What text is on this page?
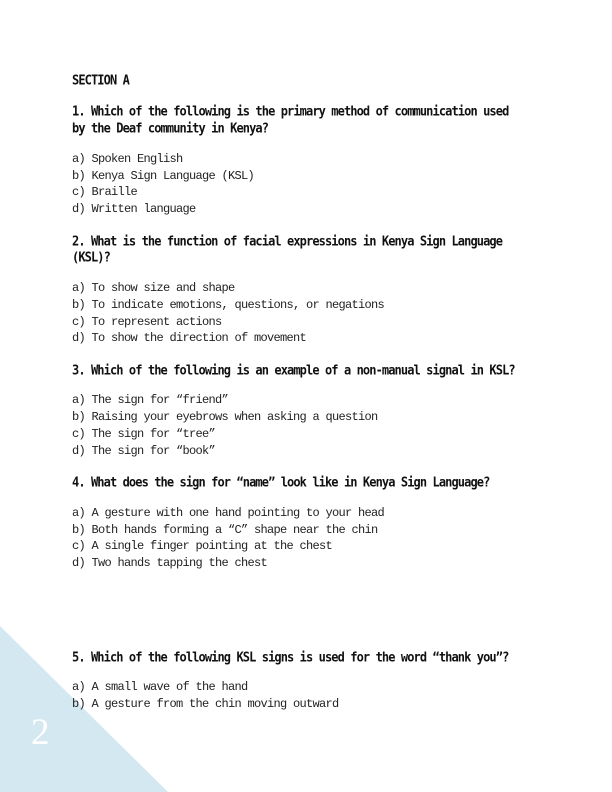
2
SECTION A
1. Which of the following is the primary method of communication used
by the Deaf community in Kenya?
a) Spoken English
b) Kenya Sign Language (KSL)
c) Braille
d) Written language
2. What is the function of facial expressions in Kenya Sign Language
(KSL)?
a) To show size and shape
b) To indicate emotions, questions, or negations
c) To represent actions
d) To show the direction of movement
3. Which of the following is an example of a non-manual signal in KSL?
a) The sign for “friend”
b) Raising your eyebrows when asking a question
c) The sign for “tree”
d) The sign for “book”
4. What does the sign for “name” look like in Kenya Sign Language?
a) A gesture with one hand pointing to your head
b) Both hands forming a “C” shape near the chin
c) A single finger pointing at the chest
d) Two hands tapping the chest
5. Which of the following KSL signs is used for the word “thank you”?
a) A small wave of the hand
b) A gesture from the chin moving outward
